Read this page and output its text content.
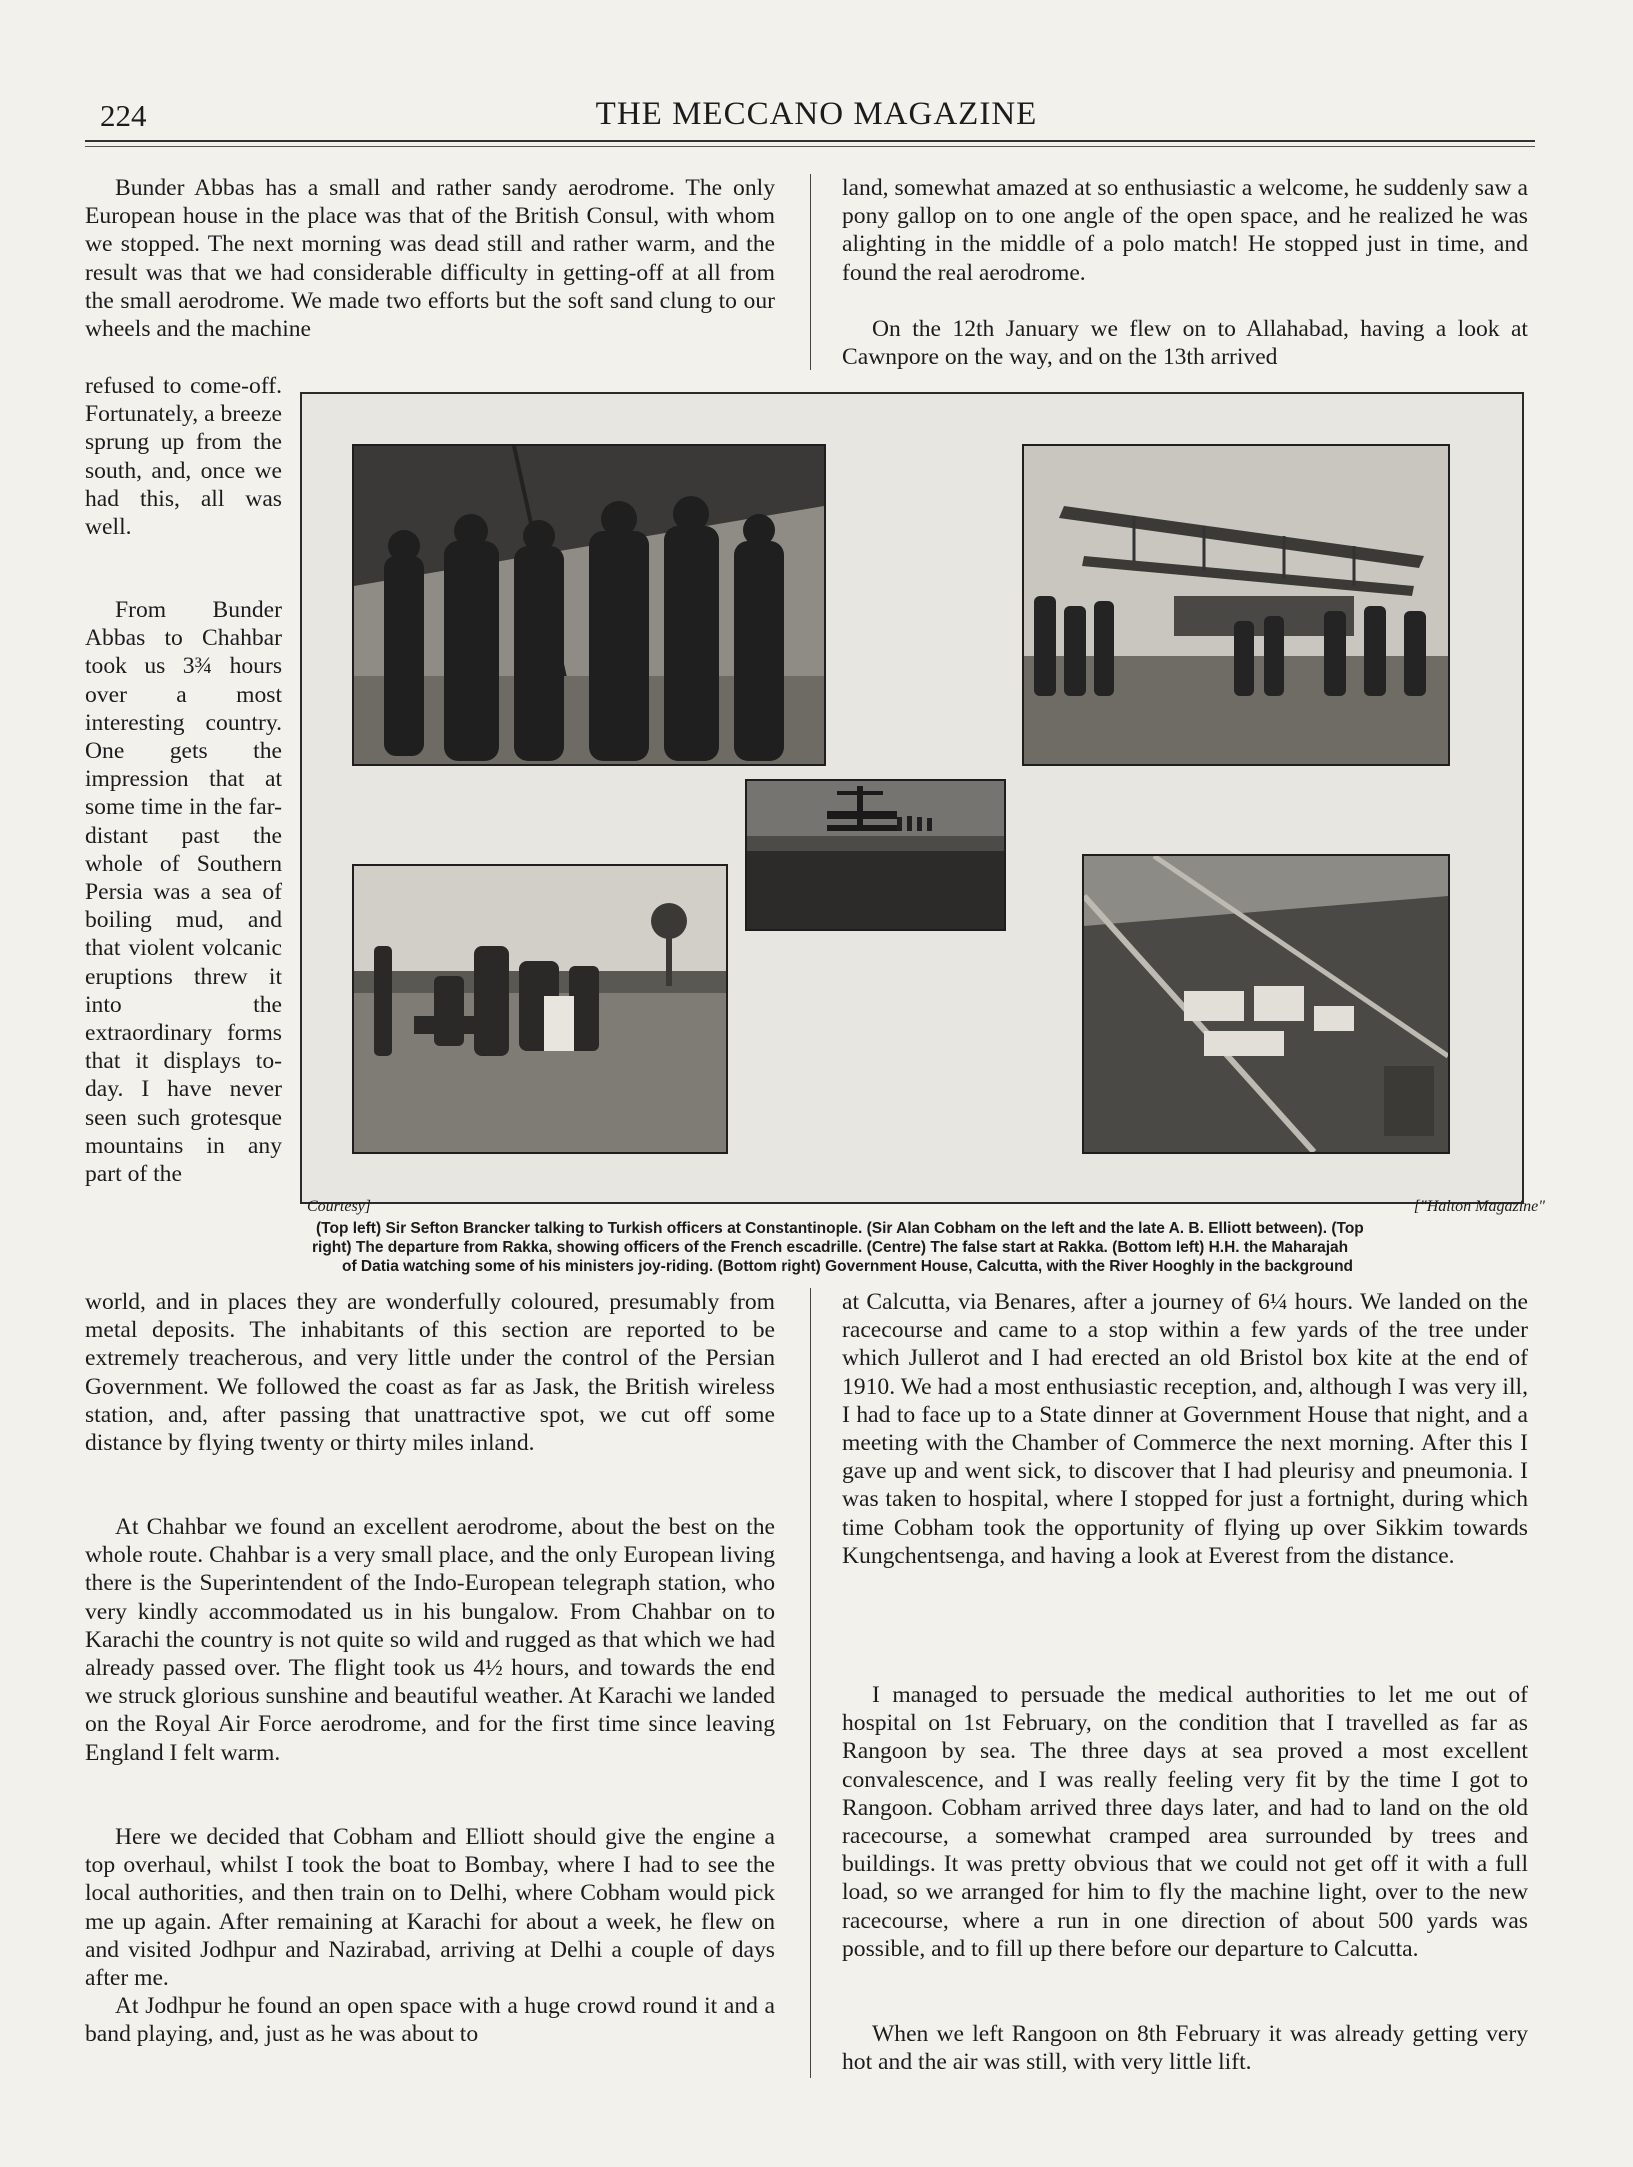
224	THE MECCANO MAGAZINE

Bunder Abbas has a small and rather sandy aerodrome. The only European house in the place was that of the British Consul, with whom we stopped. The next morning was dead still and rather warm, and the result was that we had considerable difficulty in getting-off at all from the small aerodrome. We made two efforts but the soft sand clung to our wheels and the machine

refused to come-off. Fortunately, a breeze sprung up from the south, and, once we had this, all was well.

From Bunder Abbas to Chahbar took us 3¾ hours over a most interesting country. One gets the impression that at some time in the far-distant past the whole of Southern Persia was a sea of boiling mud, and that violent volcanic eruptions threw it into the extraordinary forms that it displays to-day. I have never seen such grotesque mountains in any part of the

world, and in places they are wonderfully coloured, presumably from metal deposits. The inhabitants of this section are reported to be extremely treacherous, and very little under the control of the Persian Government. We followed the coast as far as Jask, the British wireless station, and, after passing that unattractive spot, we cut off some distance by flying twenty or thirty miles inland.

At Chahbar we found an excellent aerodrome, about the best on the whole route. Chahbar is a very small place, and the only European living there is the Superintendent of the Indo-European telegraph station, who very kindly accommodated us in his bungalow. From Chahbar on to Karachi the country is not quite so wild and rugged as that which we had already passed over. The flight took us 4½ hours, and towards the end we struck glorious sunshine and beautiful weather. At Karachi we landed on the Royal Air Force aerodrome, and for the first time since leaving England I felt warm.

Here we decided that Cobham and Elliott should give the engine a top overhaul, whilst I took the boat to Bombay, where I had to see the local authorities, and then train on to Delhi, where Cobham would pick me up again. After remaining at Karachi for about a week, he flew on and visited Jodhpur and Nazirabad, arriving at Delhi a couple of days after me.

At Jodhpur he found an open space with a huge crowd round it and a band playing, and, just as he was about to

land, somewhat amazed at so enthusiastic a welcome, he suddenly saw a pony gallop on to one angle of the open space, and he realized he was alighting in the middle of a polo match! He stopped just in time, and found the real aerodrome.

On the 12th January we flew on to Allahabad, having a look at Cawnpore on the way, and on the 13th arrived

at Calcutta, via Benares, after a journey of 6¼ hours. We landed on the racecourse and came to a stop within a few yards of the tree under which Jullerot and I had erected an old Bristol box kite at the end of 1910. We had a most enthusiastic reception, and, although I was very ill, I had to face up to a State dinner at Government House that night, and a meeting with the Chamber of Commerce the next morning. After this I gave up and went sick, to discover that I had pleurisy and pneumonia. I was taken to hospital, where I stopped for just a fortnight, during which time Cobham took the opportunity of flying up over Sikkim towards Kungchentsenga, and having a look at Everest from the distance.

I managed to persuade the medical authorities to let me out of hospital on 1st February, on the condition that I travelled as far as Rangoon by sea. The three days at sea proved a most excellent convalescence, and I was really feeling very fit by the time I got to Rangoon. Cobham arrived three days later, and had to land on the old racecourse, a somewhat cramped area surrounded by trees and buildings. It was pretty obvious that we could not get off it with a full load, so we arranged for him to fly the machine light, over to the new racecourse, where a run in one direction of about 500 yards was possible, and to fill up there before our departure to Calcutta.

When we left Rangoon on 8th February it was already getting very hot and the air was still, with very little lift.

Courtesy]	["Halton Magazine"
(Top left) Sir Sefton Brancker talking to Turkish officers at Constantinople. (Sir Alan Cobham on the left and the late A. B. Elliott between). (Top
right) The departure from Rakka, showing officers of the French escadrille. (Centre) The false start at Rakka. (Bottom left) H.H. the Maharajah
of Datia watching some of his ministers joy-riding. (Bottom right) Government House, Calcutta, with the River Hooghly in the background
